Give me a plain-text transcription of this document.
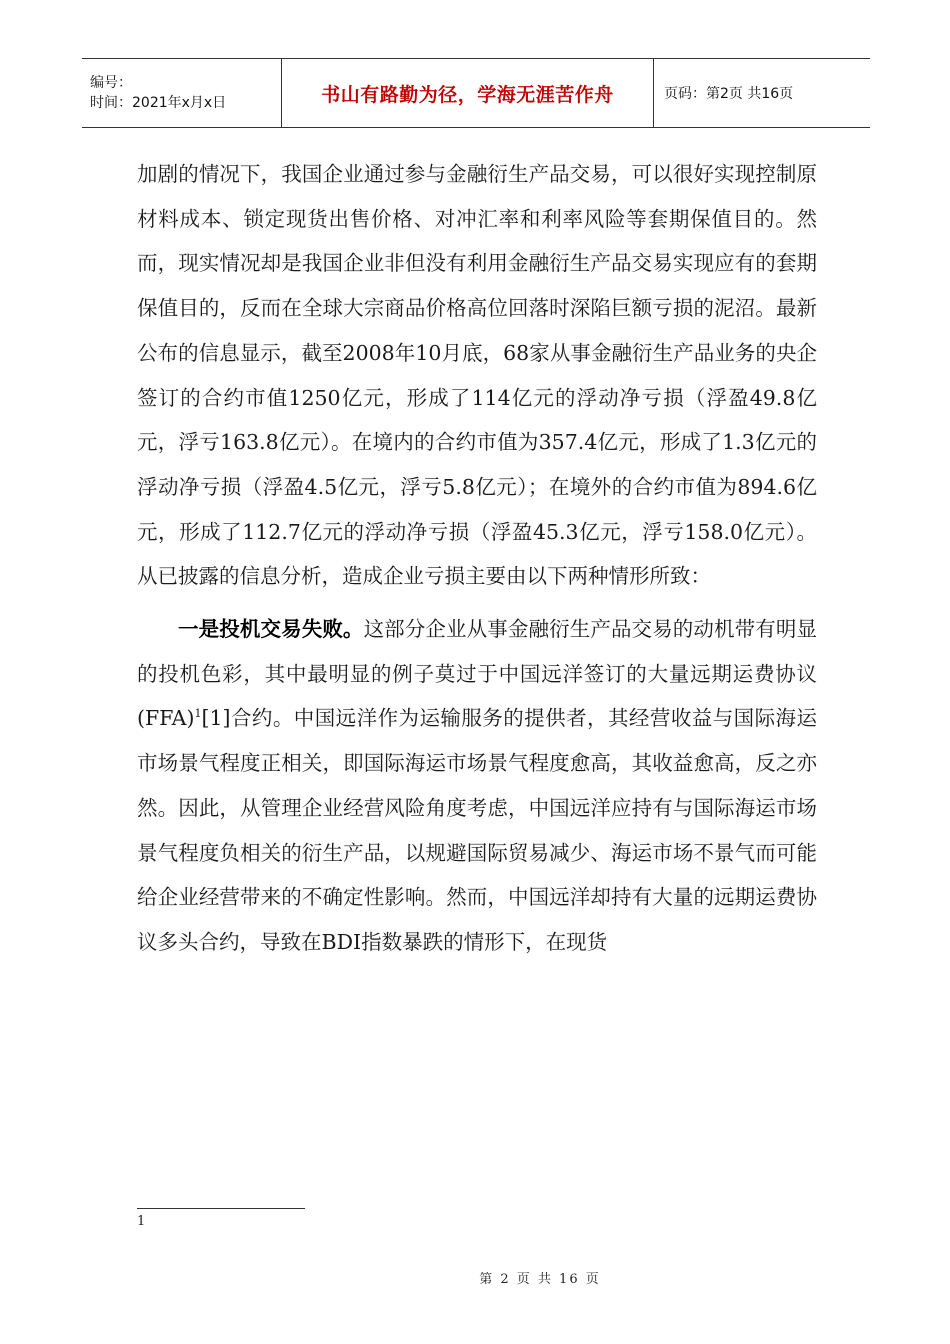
编号：
时间：2021年x月x日	书山有路勤为径，学海无涯苦作舟	页码：第2页 共16页

加剧的情况下，我国企业通过参与金融衍生产品交易，可以很好实现控制原材料成本、锁定现货出售价格、对冲汇率和利率风险等套期保值目的。然而，现实情况却是我国企业非但没有利用金融衍生产品交易实现应有的套期保值目的，反而在全球大宗商品价格高位回落时深陷巨额亏损的泥沼。最新公布的信息显示，截至2008年10月底，68家从事金融衍生产品业务的央企签订的合约市值1250亿元，形成了114亿元的浮动净亏损（浮盈49.8亿元，浮亏163.8亿元）。在境内的合约市值为357.4亿元，形成了1.3亿元的浮动净亏损（浮盈4.5亿元，浮亏5.8亿元）；在境外的合约市值为894.6亿元，形成了112.7亿元的浮动净亏损（浮盈45.3亿元，浮亏158.0亿元）。从已披露的信息分析，造成企业亏损主要由以下两种情形所致：

一是投机交易失败。这部分企业从事金融衍生产品交易的动机带有明显的投机色彩，其中最明显的例子莫过于中国远洋签订的大量远期运费协议(FFA)$^1$[1]合约。中国远洋作为运输服务的提供者，其经营收益与国际海运市场景气程度正相关，即国际海运市场景气程度愈高，其收益愈高，反之亦然。因此，从管理企业经营风险角度考虑，中国远洋应持有与国际海运市场景气程度负相关的衍生产品，以规避国际贸易减少、海运市场不景气而可能给企业经营带来的不确定性影响。然而，中国远洋却持有大量的远期运费协议多头合约，导致在BDI指数暴跌的情形下，在现货

1
第 2 页 共 16 页
